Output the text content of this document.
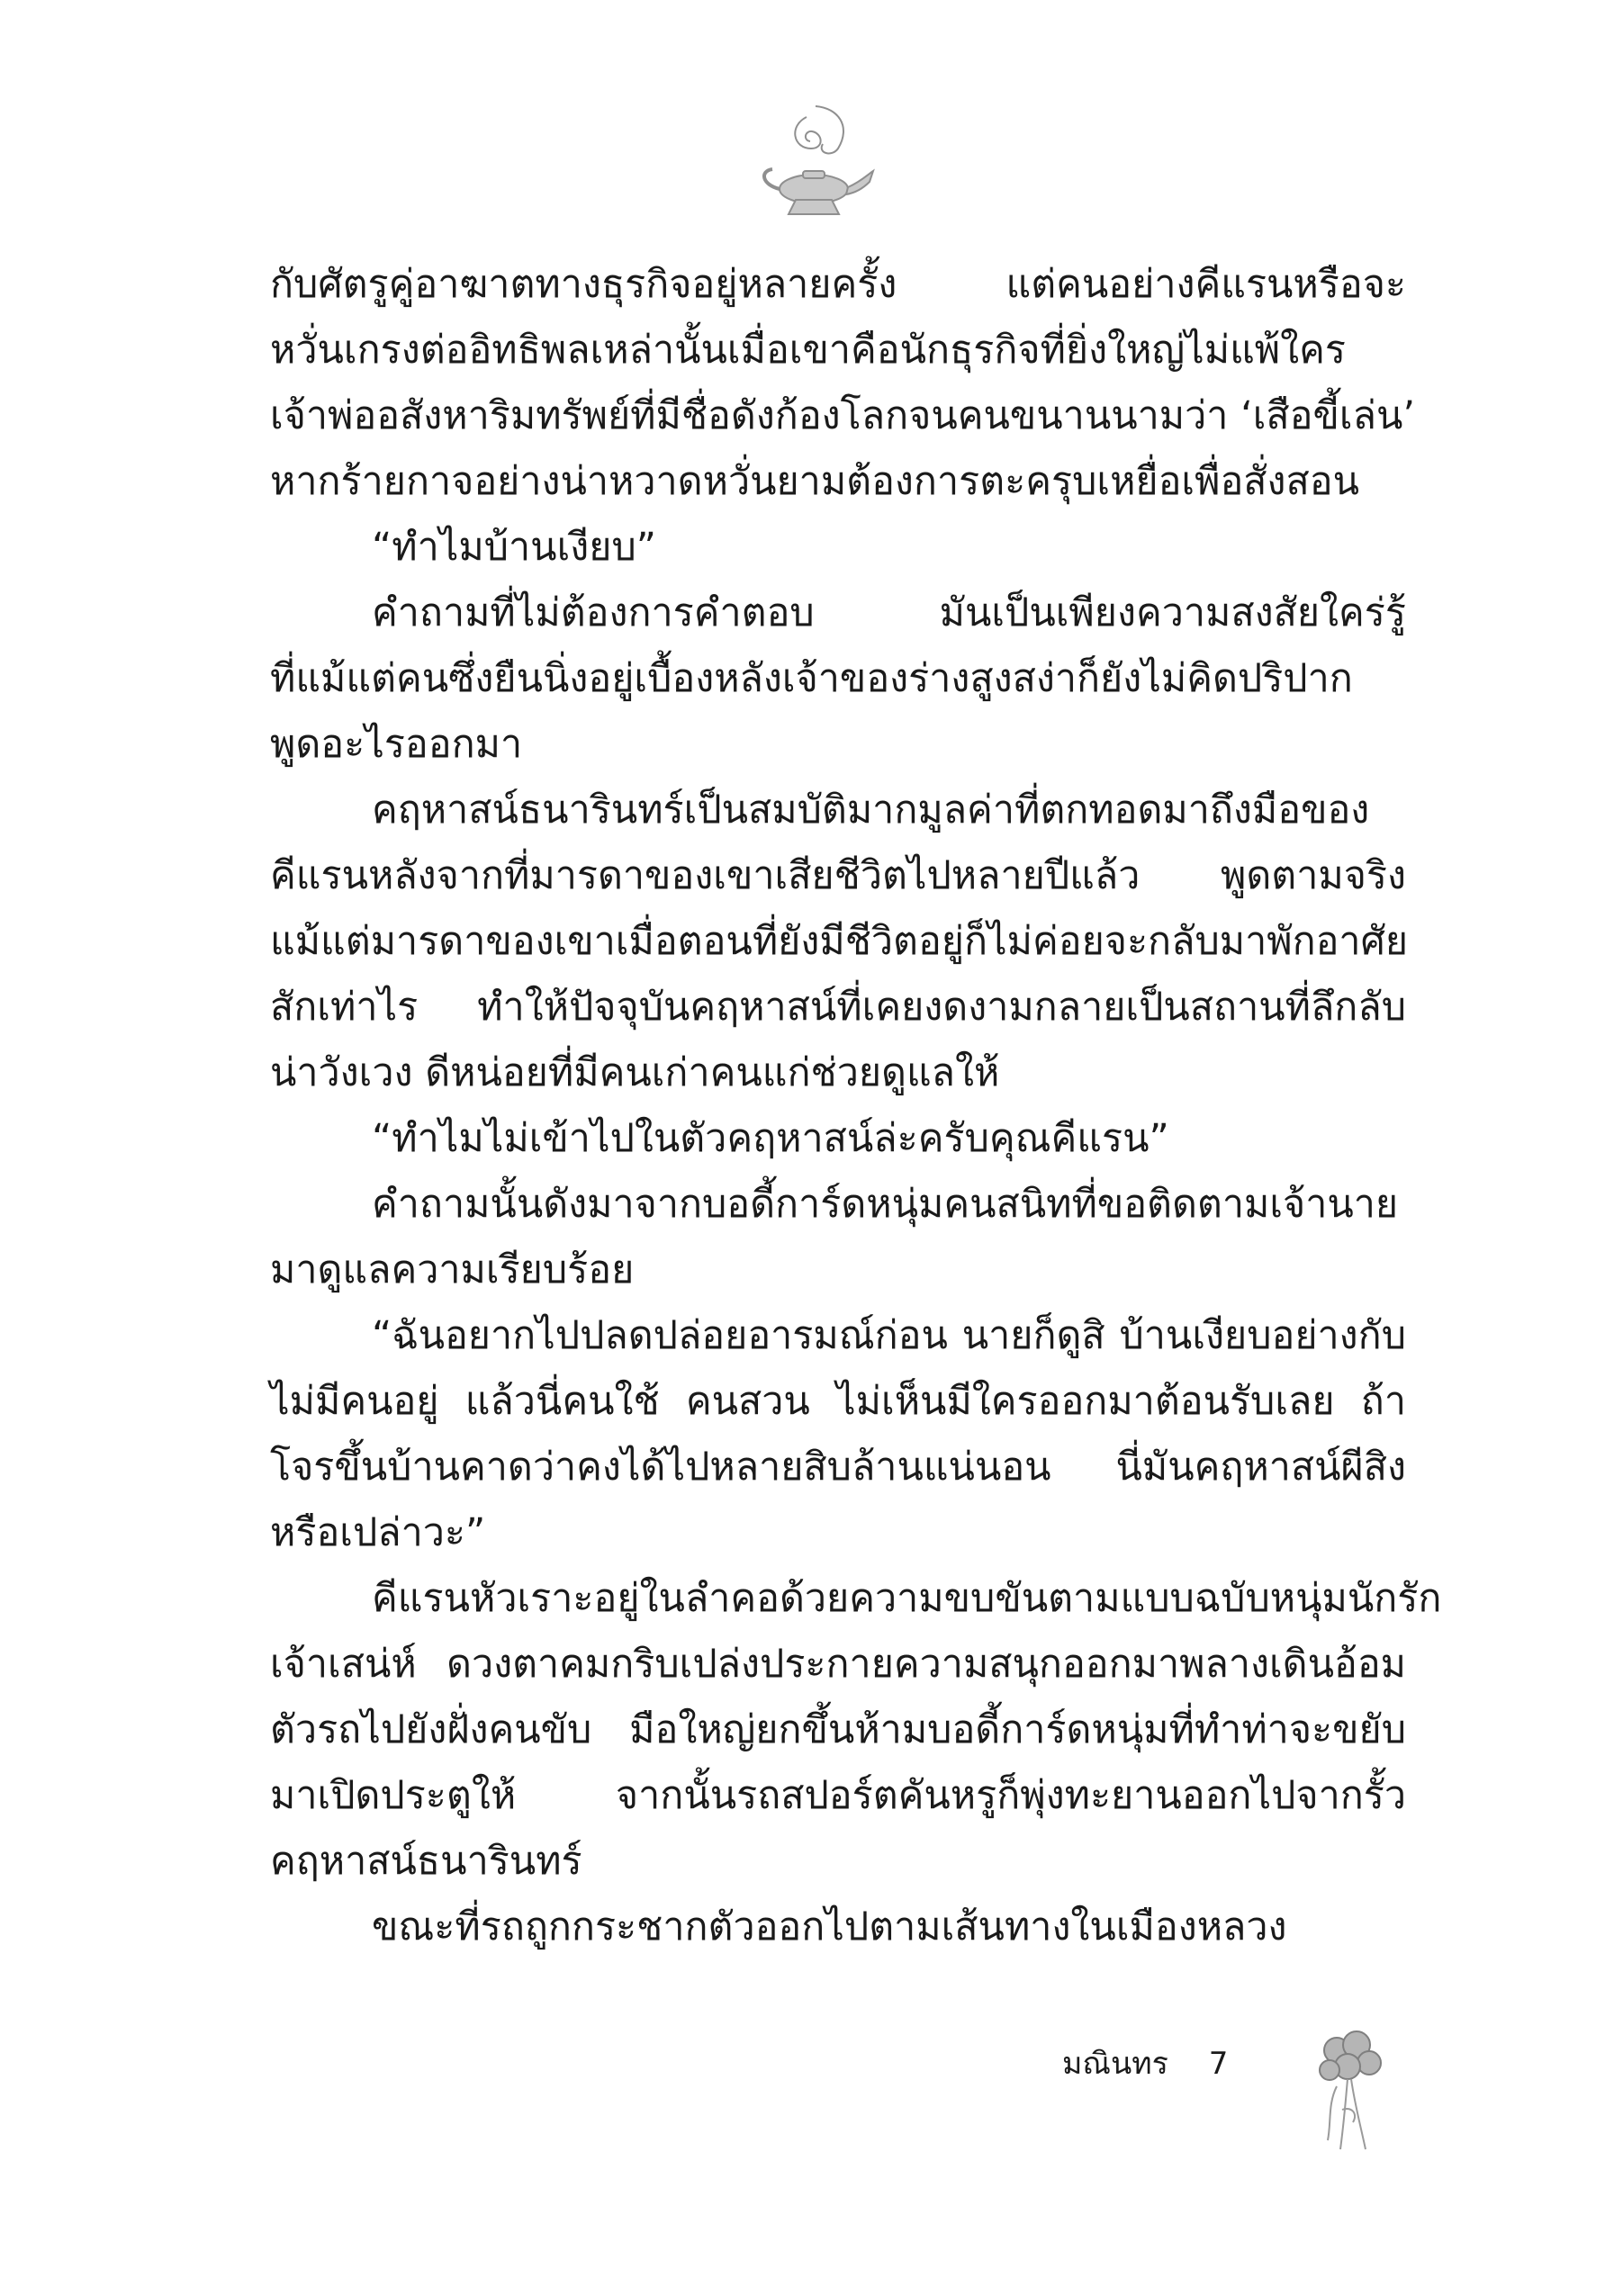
กับศัตรูคู่อาฆาตทางธุรกิจอยู่หลายครั้ง แต่คนอย่างคีแรนหรือจะ
หวั่นเกรงต่ออิทธิพลเหล่านั้นเมื่อเขาคือนักธุรกิจที่ยิ่งใหญ่ไม่แพ้ใคร
เจ้าพ่ออสังหาริมทรัพย์ที่มีชื่อดังก้องโลกจนคนขนานนามว่า ‘เสือขี้เล่น’
หากร้ายกาจอย่างน่าหวาดหวั่นยามต้องการตะครุบเหยื่อเพื่อสั่งสอน
“ทำไมบ้านเงียบ”
คำถามที่ไม่ต้องการคำตอบ มันเป็นเพียงความสงสัยใคร่รู้
ที่แม้แต่คนซึ่งยืนนิ่งอยู่เบื้องหลังเจ้าของร่างสูงสง่าก็ยังไม่คิดปริปาก
พูดอะไรออกมา
คฤหาสน์ธนารินทร์เป็นสมบัติมากมูลค่าที่ตกทอดมาถึงมือของ
คีแรนหลังจากที่มารดาของเขาเสียชีวิตไปหลายปีแล้ว พูดตามจริง
แม้แต่มารดาของเขาเมื่อตอนที่ยังมีชีวิตอยู่ก็ไม่ค่อยจะกลับมาพักอาศัย
สักเท่าไร ทำให้ปัจจุบันคฤหาสน์ที่เคยงดงามกลายเป็นสถานที่ลึกลับ
น่าวังเวง ดีหน่อยที่มีคนเก่าคนแก่ช่วยดูแลให้
“ทำไมไม่เข้าไปในตัวคฤหาสน์ล่ะครับคุณคีแรน”
คำถามนั้นดังมาจากบอดี้การ์ดหนุ่มคนสนิทที่ขอติดตามเจ้านาย
มาดูแลความเรียบร้อย
“ฉันอยากไปปลดปล่อยอารมณ์ก่อน นายก็ดูสิ บ้านเงียบอย่างกับ
ไม่มีคนอยู่ แล้วนี่คนใช้ คนสวน ไม่เห็นมีใครออกมาต้อนรับเลย ถ้า
โจรขึ้นบ้านคาดว่าคงได้ไปหลายสิบล้านแน่นอน นี่มันคฤหาสน์ผีสิง
หรือเปล่าวะ”
คีแรนหัวเราะอยู่ในลำคอด้วยความขบขันตามแบบฉบับหนุ่มนักรัก
เจ้าเสน่ห์ ดวงตาคมกริบเปล่งประกายความสนุกออกมาพลางเดินอ้อม
ตัวรถไปยังฝั่งคนขับ มือใหญ่ยกขึ้นห้ามบอดี้การ์ดหนุ่มที่ทำท่าจะขยับ
มาเปิดประตูให้ จากนั้นรถสปอร์ตคันหรูก็พุ่งทะยานออกไปจากรั้ว
คฤหาสน์ธนารินทร์
ขณะที่รถถูกกระชากตัวออกไปตามเส้นทางในเมืองหลวง
มณินทร 7
